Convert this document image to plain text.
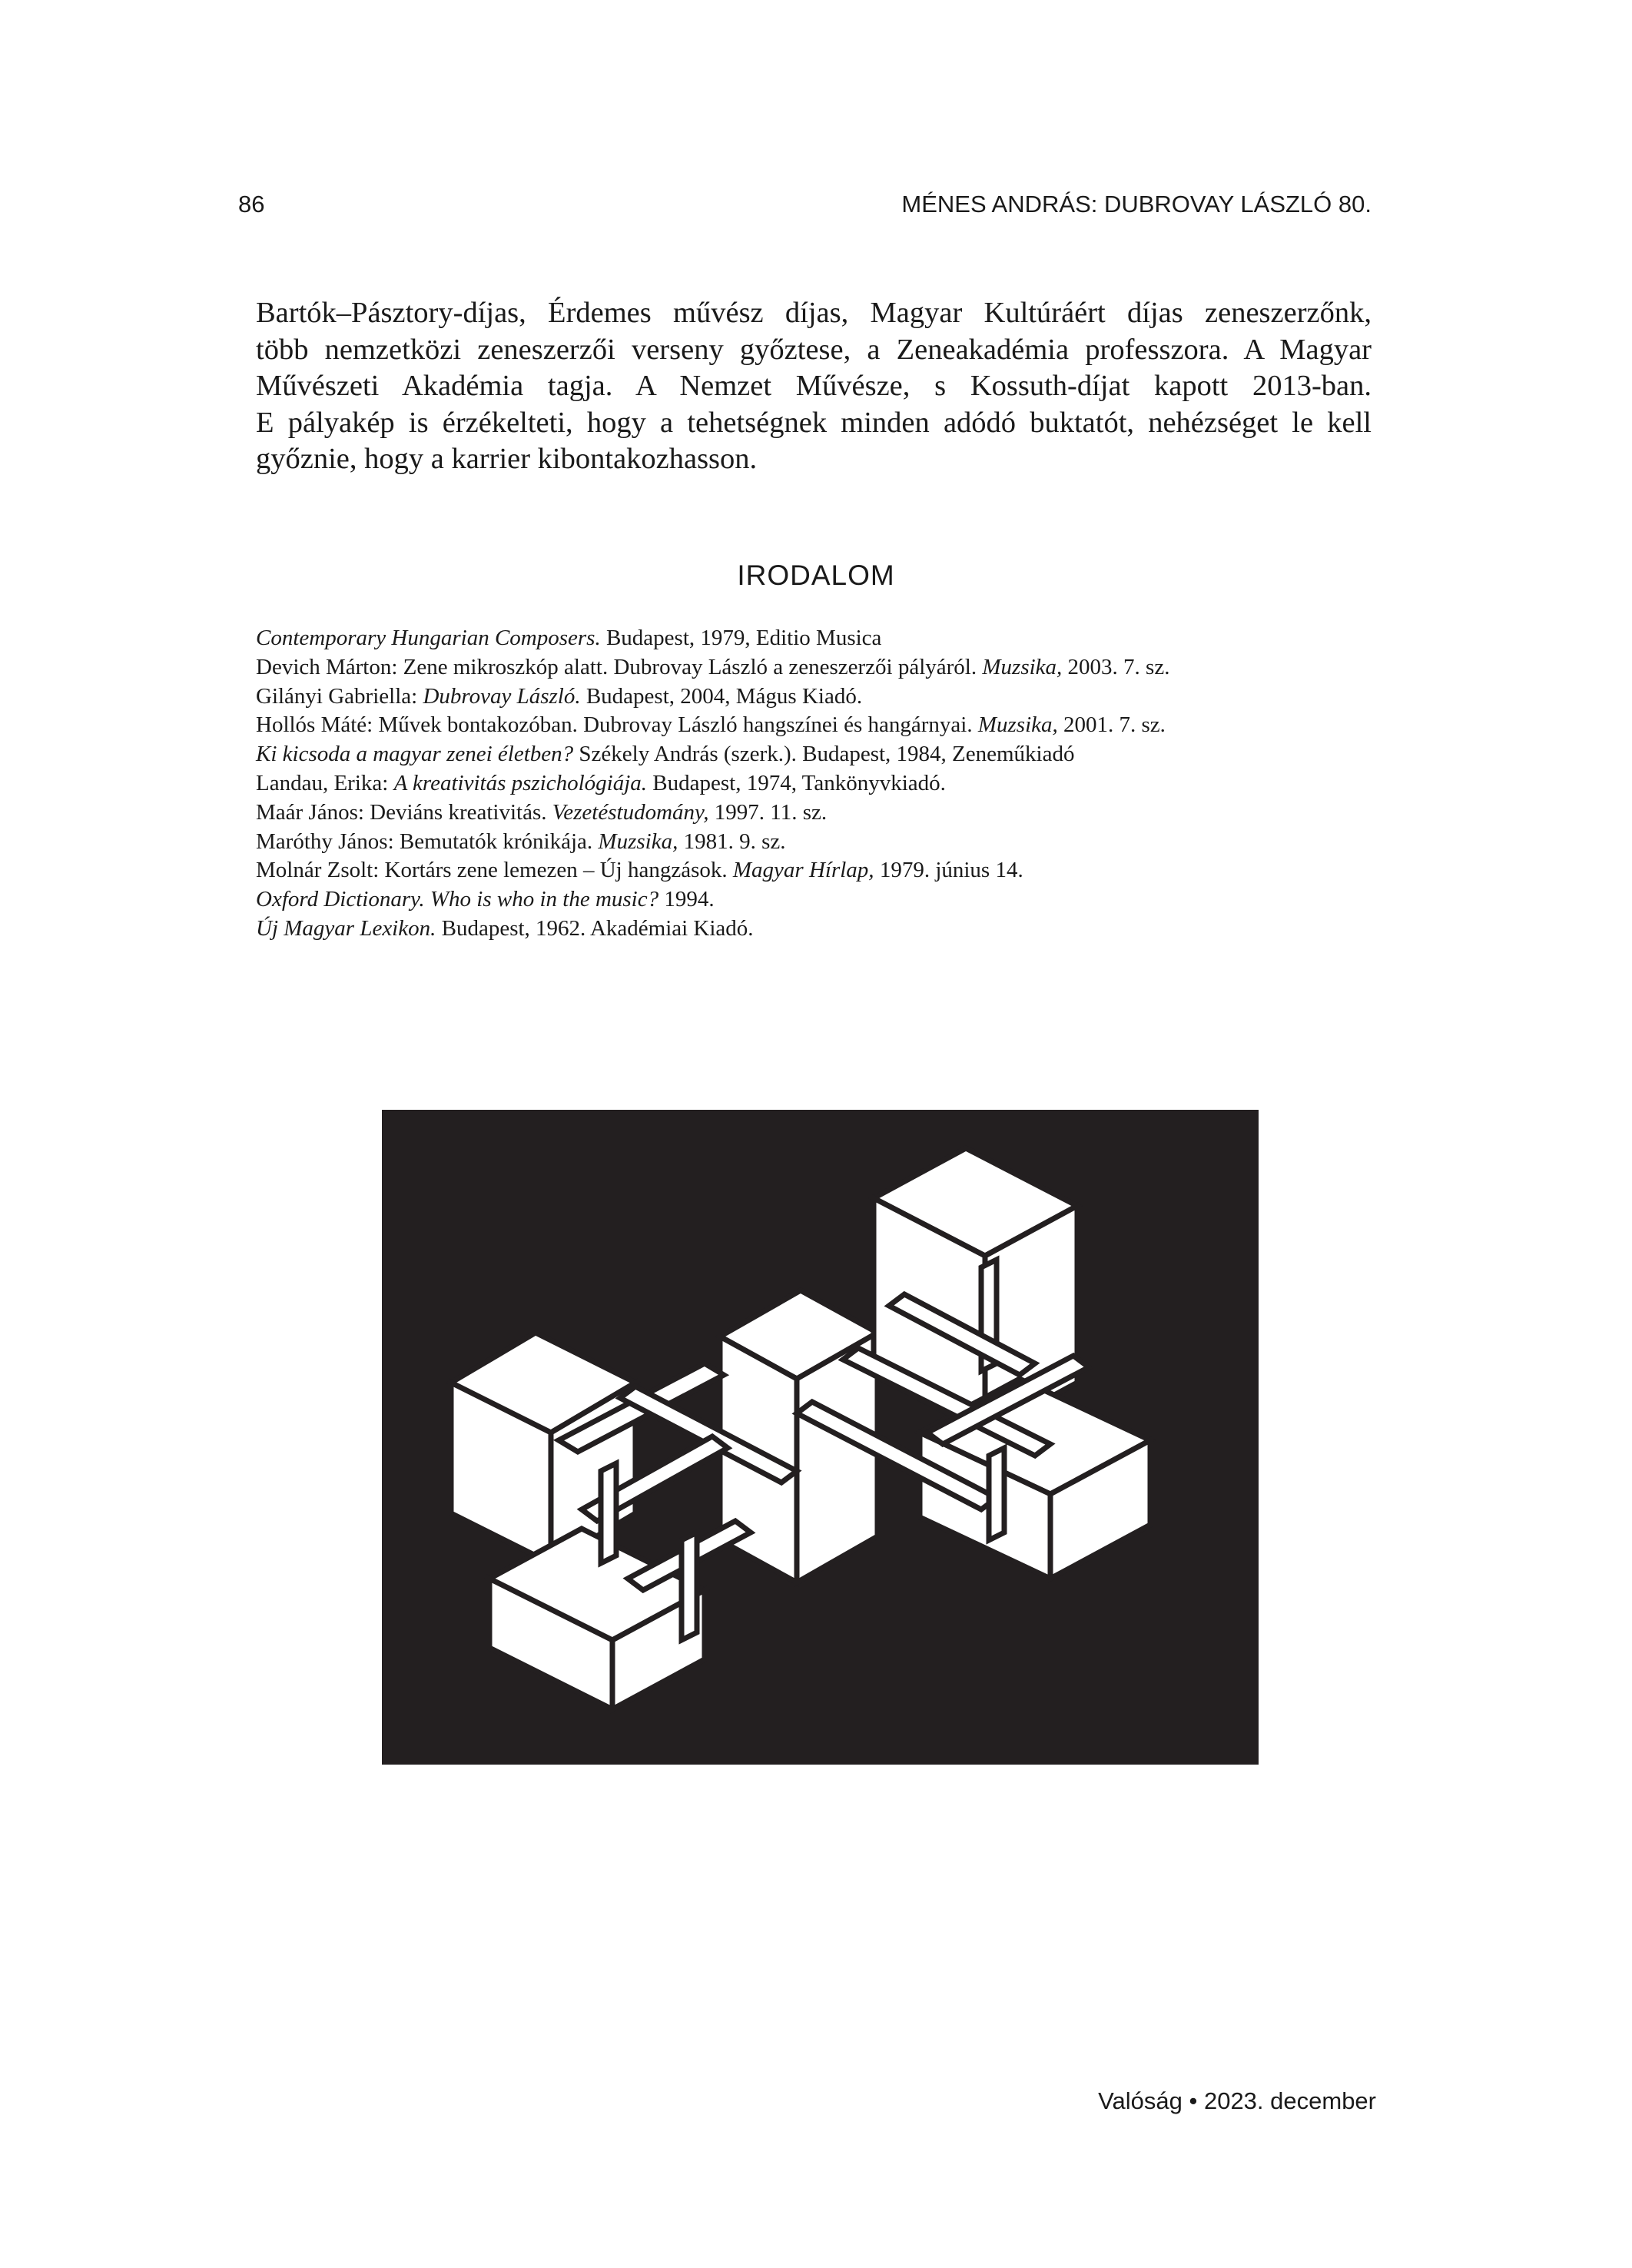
86	MÉNES ANDRÁS: DUBROVAY LÁSZLÓ 80.

Bartók–Pásztory-díjas, Érdemes művész díjas, Magyar Kultúráért díjas zeneszerzőnk,
több nemzetközi zeneszerzői verseny győztese, a Zeneakadémia professzora. A Magyar
Művészeti Akadémia tagja. A Nemzet Művésze, s Kossuth-díjat kapott 2013-ban.
E pályakép is érzékelteti, hogy a tehetségnek minden adódó buktatót, nehézséget le kell
győznie, hogy a karrier kibontakozhasson.

IRODALOM
Contemporary Hungarian Composers. Budapest, 1979, Editio Musica
Devich Márton: Zene mikroszkóp alatt. Dubrovay László a zeneszerzői pályáról. Muzsika, 2003. 7. sz.
Gilányi Gabriella: Dubrovay László. Budapest, 2004, Mágus Kiadó.
Hollós Máté: Művek bontakozóban. Dubrovay László hangszínei és hangárnyai. Muzsika, 2001. 7. sz.
Ki kicsoda a magyar zenei életben? Székely András (szerk.). Budapest, 1984, Zeneműkiadó
Landau, Erika: A kreativitás pszichológiája. Budapest, 1974, Tankönyvkiadó.
Maár János: Deviáns kreativitás. Vezetéstudomány, 1997. 11. sz.
Maróthy János: Bemutatók krónikája. Muzsika, 1981. 9. sz.
Molnár Zsolt: Kortárs zene lemezen – Új hangzások. Magyar Hírlap, 1979. június 14.
Oxford Dictionary. Who is who in the music? 1994.
Új Magyar Lexikon. Budapest, 1962. Akadémiai Kiadó.
Valóság • 2023. december
